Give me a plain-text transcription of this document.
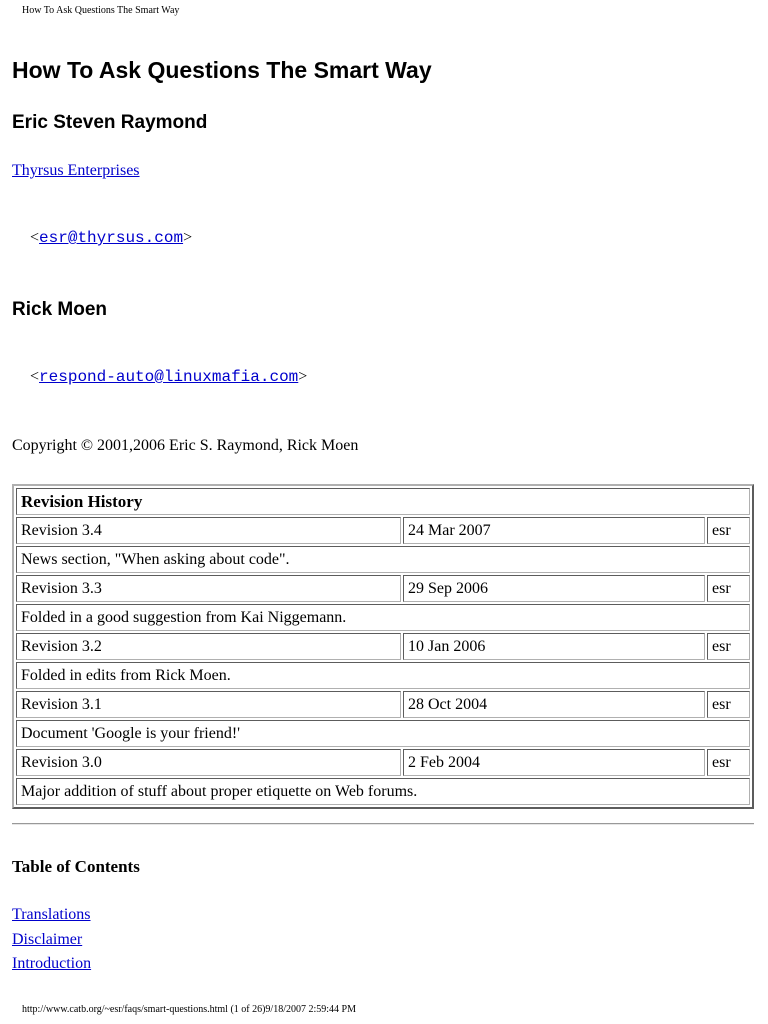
How To Ask Questions The Smart Way
How To Ask Questions The Smart Way
Eric Steven Raymond
Thyrsus Enterprises
<esr@thyrsus.com>
Rick Moen
<respond-auto@linuxmafia.com>
Copyright © 2001,2006 Eric S. Raymond, Rick Moen
Revision History		
Revision 3.4	24 Mar 2007	esr
News section, "When asking about code".		
Revision 3.3	29 Sep 2006	esr
Folded in a good suggestion from Kai Niggemann.		
Revision 3.2	10 Jan 2006	esr
Folded in edits from Rick Moen.		
Revision 3.1	28 Oct 2004	esr
Document 'Google is your friend!'		
Revision 3.0	2 Feb 2004	esr
Major addition of stuff about proper etiquette on Web forums.		
Table of Contents
Translations
Disclaimer
Introduction
http://www.catb.org/~esr/faqs/smart-questions.html (1 of 26)9/18/2007 2:59:44 PM
